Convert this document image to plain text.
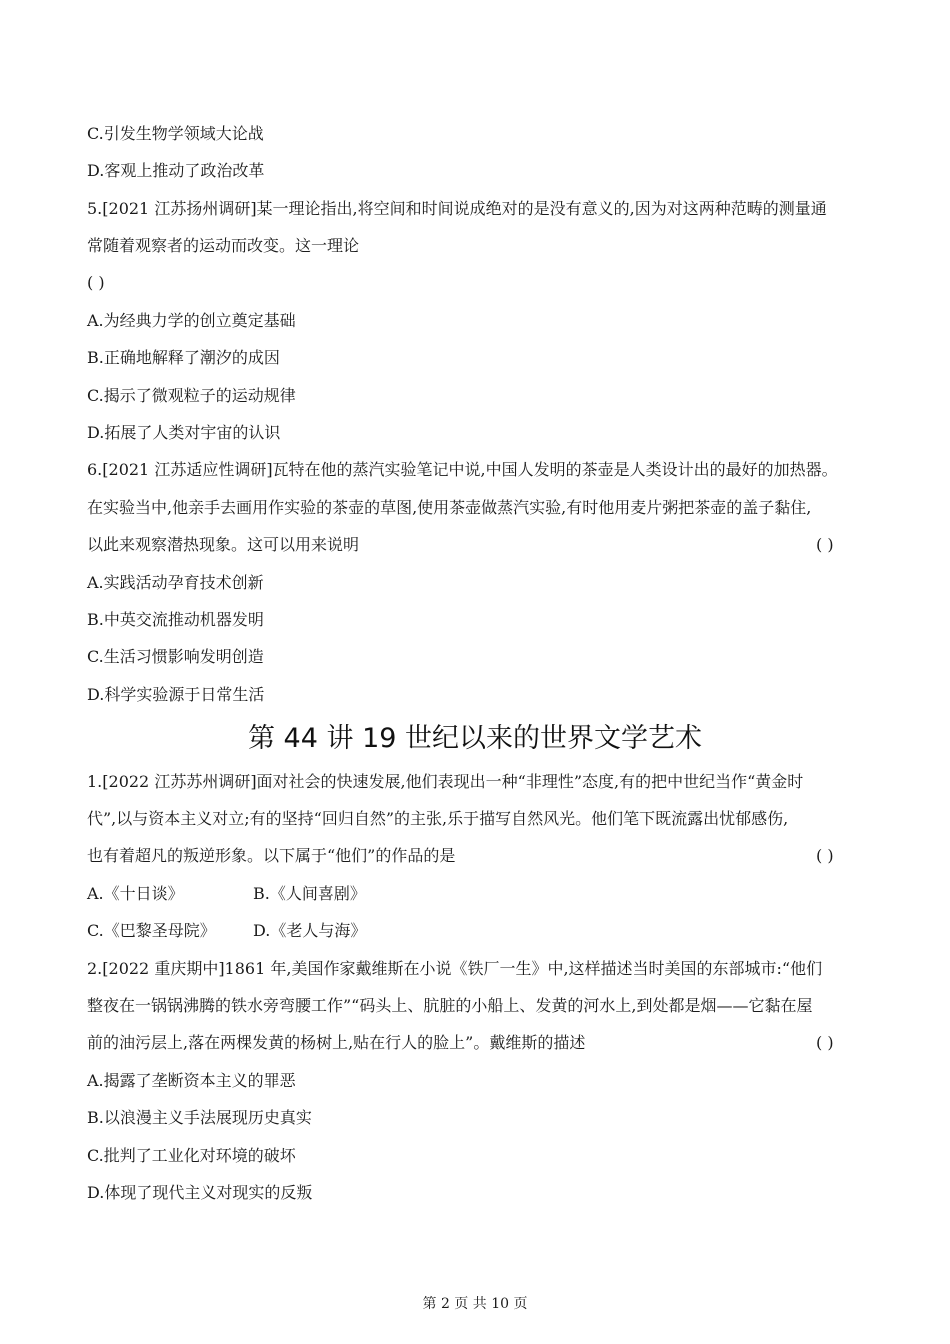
C.引发生物学领域大论战
D.客观上推动了政治改革
5.[2021 江苏扬州调研]某一理论指出,将空间和时间说成绝对的是没有意义的,因为对这两种范畴的测量通
常随着观察者的运动而改变。这一理论
( )
A.为经典力学的创立奠定基础
B.正确地解释了潮汐的成因
C.揭示了微观粒子的运动规律
D.拓展了人类对宇宙的认识
6.[2021 江苏适应性调研]瓦特在他的蒸汽实验笔记中说,中国人发明的茶壶是人类设计出的最好的加热器。
在实验当中,他亲手去画用作实验的茶壶的草图,使用茶壶做蒸汽实验,有时他用麦片粥把茶壶的盖子黏住,
以此来观察潜热现象。这可以用来说明	( )
A.实践活动孕育技术创新
B.中英交流推动机器发明
C.生活习惯影响发明创造
D.科学实验源于日常生活
第 44 讲 19 世纪以来的世界文学艺术
1.[2022 江苏苏州调研]面对社会的快速发展,他们表现出一种“非理性”态度,有的把中世纪当作“黄金时
代”,以与资本主义对立;有的坚持“回归自然”的主张,乐于描写自然风光。他们笔下既流露出忧郁感伤,
也有着超凡的叛逆形象。以下属于“他们”的作品的是	( )
A.《十日谈》	B.《人间喜剧》
C.《巴黎圣母院》 D.《老人与海》
2.[2022 重庆期中]1861 年,美国作家戴维斯在小说《铁厂一生》中,这样描述当时美国的东部城市:“他们
整夜在一锅锅沸腾的铁水旁弯腰工作”“码头上、肮脏的小船上、发黄的河水上,到处都是烟——它黏在屋
前的油污层上,落在两棵发黄的杨树上,贴在行人的脸上”。戴维斯的描述	( )
A.揭露了垄断资本主义的罪恶
B.以浪漫主义手法展现历史真实
C.批判了工业化对环境的破坏
D.体现了现代主义对现实的反叛
第 2 页 共 10 页
